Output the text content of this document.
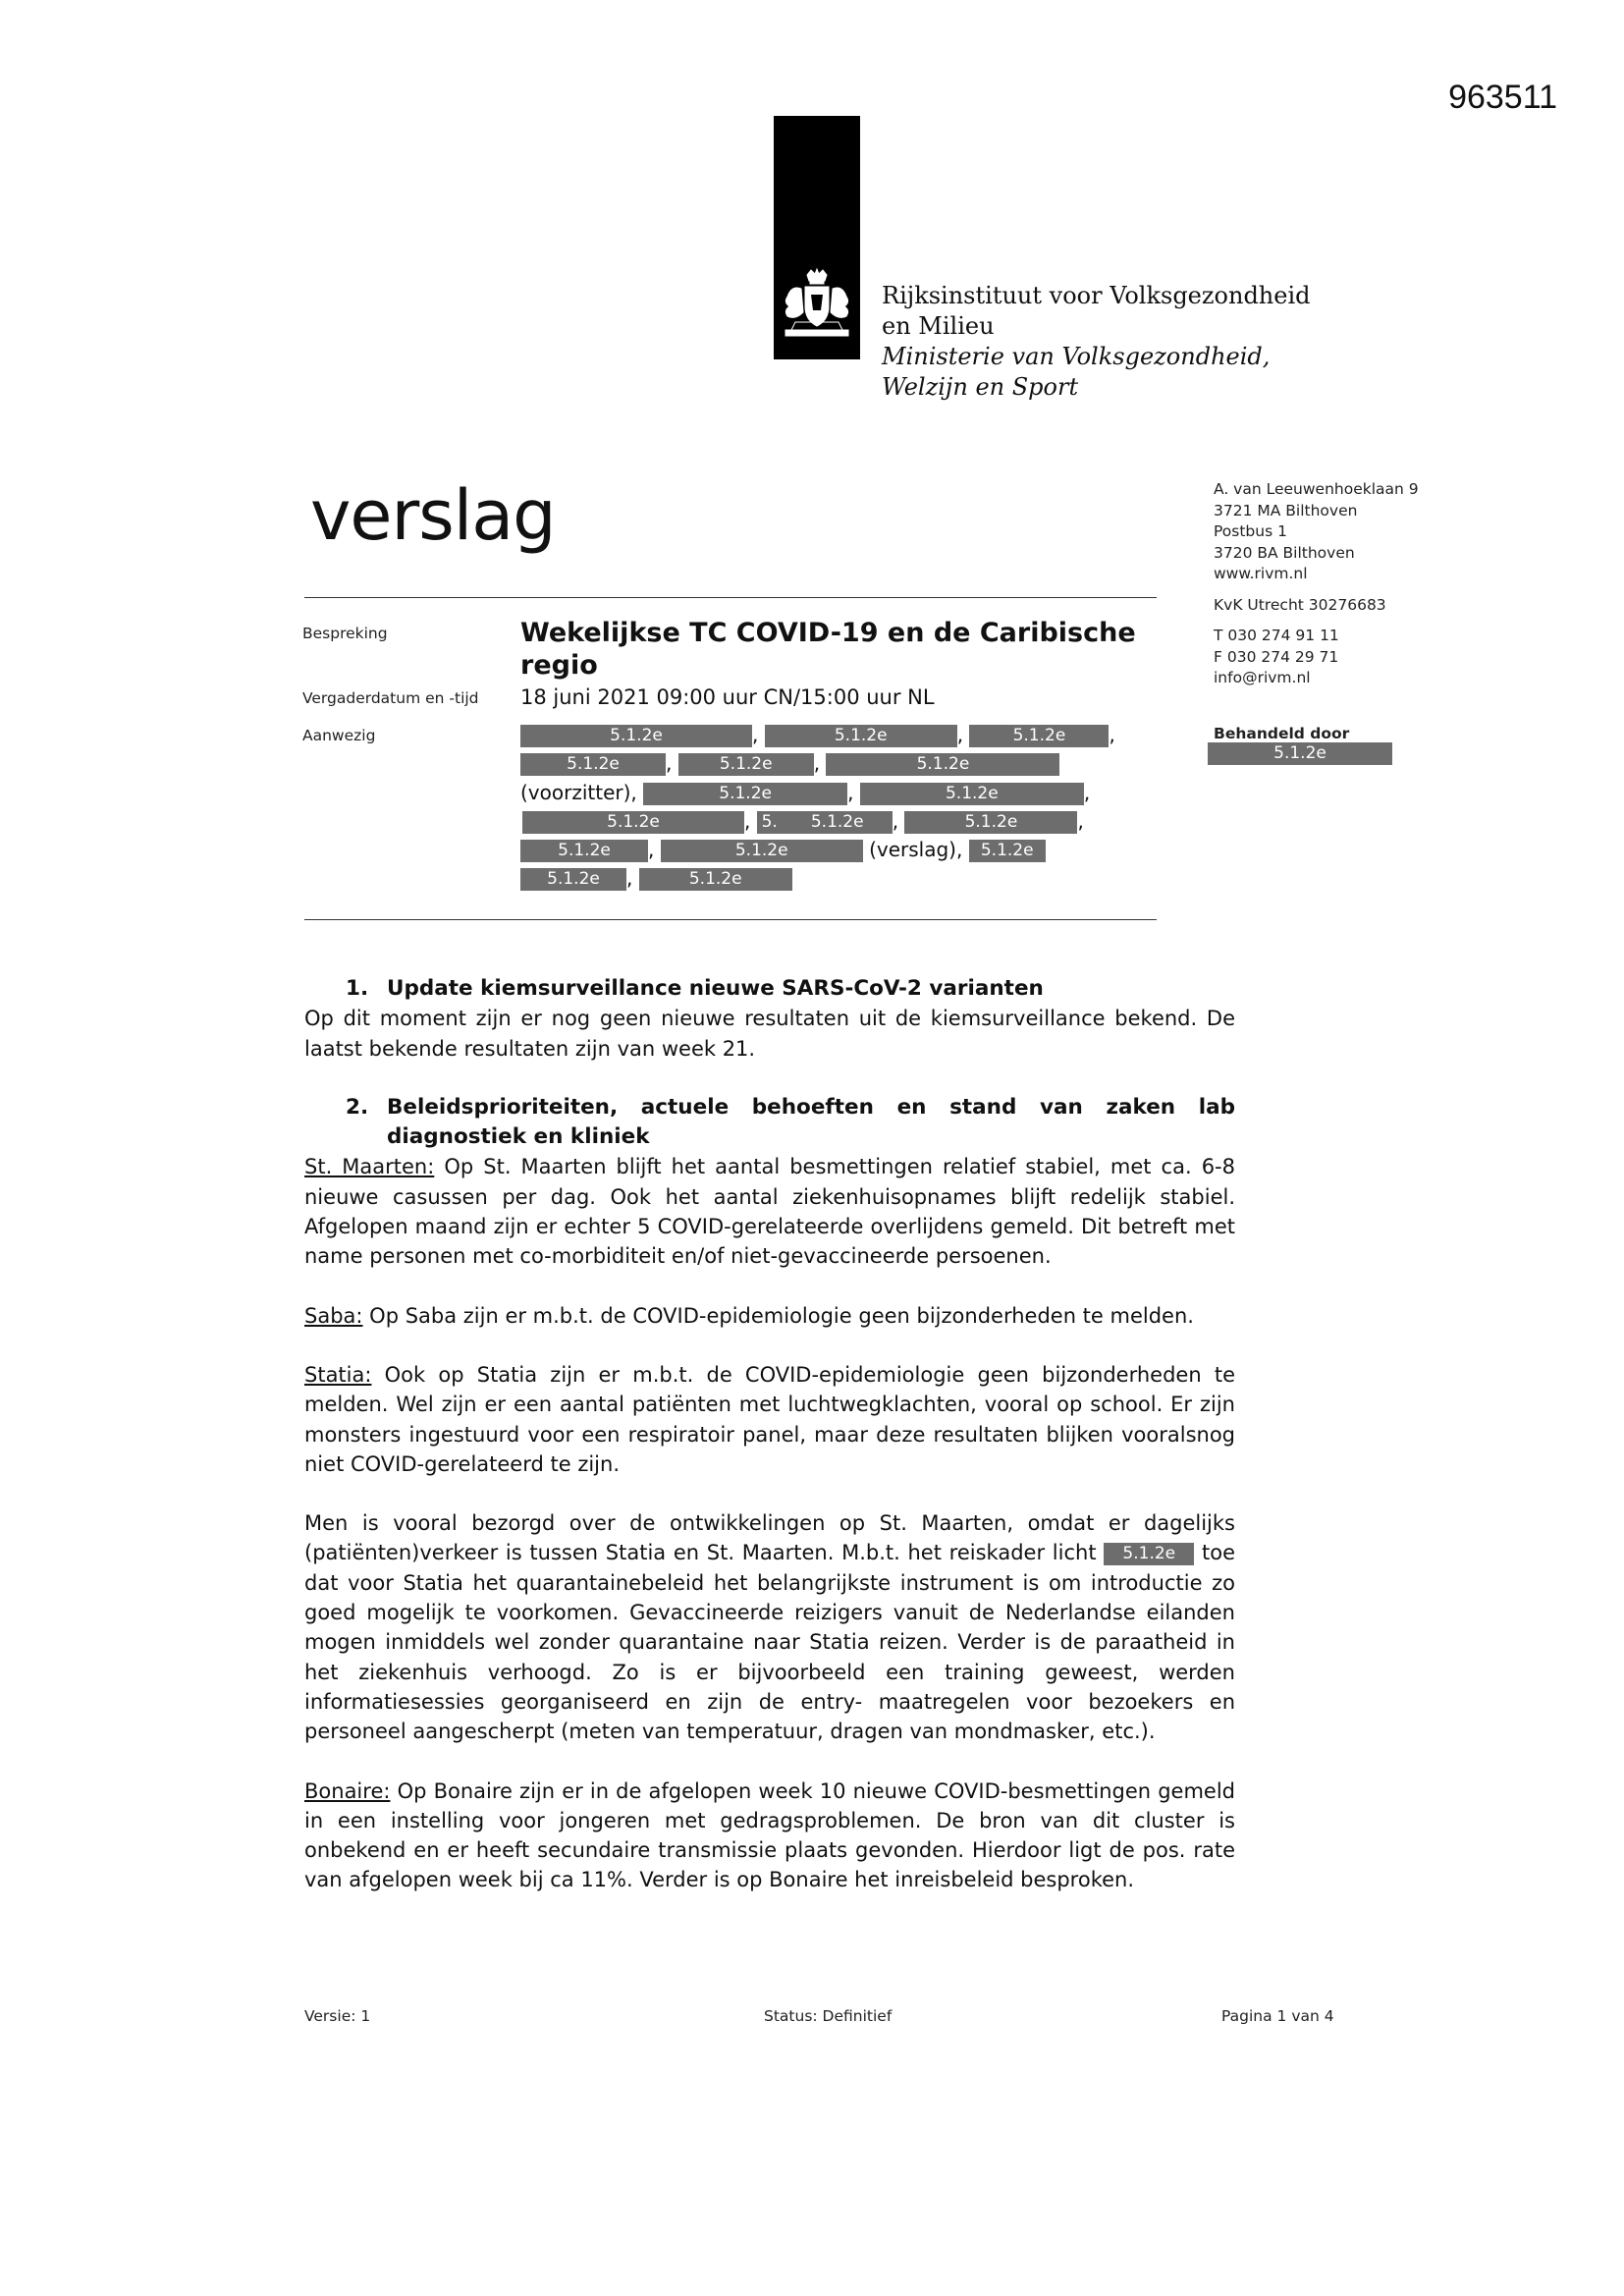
963511
Rijksinstituut voor Volksgezondheid
en Milieu
Ministerie van Volksgezondheid,
Welzijn en Sport
verslag	A. van Leeuwenhoeklaan 9
3721 MA Bilthoven
Postbus 1
3720 BA Bilthoven
www.rivm.nl
KvK Utrecht 30276683
T 030 274 91 11
F 030 274 29 71
info@rivm.nl
Behandeld door
5.1.2e
Bespreking	Wekelijkse TC COVID-19 en de Caribische regio
Vergaderdatum en -tijd 18 juni 2021 09:00 uur CN/15:00 uur NL
Aanwezig	5.1.2e	,	5.1.2e	,	5.1.2e ,
5.1.2e ,	5.1.2e ,	5.1.2e
(voorzitter),	5.1.2e	,	5.1.2e	,
5.1.2e	, 5. 5.1.2e ,	5.1.2e	,
5.1.2e ,	5.1.2e	(verslag), 5.1.2e
5.1.2e ,	5.1.2e

1. Update kiemsurveillance nieuwe SARS-CoV-2 varianten

Op dit moment zijn er nog geen nieuwe resultaten uit de kiemsurveillance bekend. De laatst bekende resultaten zijn van week 21.

2. Beleidsprioriteiten, actuele behoeften en stand van zaken lab diagnostiek en kliniek

St. Maarten: Op St. Maarten blijft het aantal besmettingen relatief stabiel, met ca. 6-8 nieuwe casussen per dag. Ook het aantal ziekenhuisopnames blijft redelijk stabiel. Afgelopen maand zijn er echter 5 COVID-gerelateerde overlijdens gemeld. Dit betreft met name personen met co-morbiditeit en/of niet-gevaccineerde persoenen.

Saba: Op Saba zijn er m.b.t. de COVID-epidemiologie geen bijzonderheden te melden.

Statia: Ook op Statia zijn er m.b.t. de COVID-epidemiologie geen bijzonderheden te melden. Wel zijn er een aantal patiënten met luchtwegklachten, vooral op school. Er zijn monsters ingestuurd voor een respiratoir panel, maar deze resultaten blijken vooralsnog niet COVID-gerelateerd te zijn.

Men is vooral bezorgd over de ontwikkelingen op St. Maarten, omdat er dagelijks (patiënten)verkeer is tussen Statia en St. Maarten. M.b.t. het reiskader licht 5.1.2e toe dat voor Statia het quarantainebeleid het belangrijkste instrument is om introductie zo goed mogelijk te voorkomen. Gevaccineerde reizigers vanuit de Nederlandse eilanden mogen inmiddels wel zonder quarantaine naar Statia reizen. Verder is de paraatheid in het ziekenhuis verhoogd. Zo is er bijvoorbeeld een training geweest, werden informatiesessies georganiseerd en zijn de entry- maatregelen voor bezoekers en personeel aangescherpt (meten van temperatuur, dragen van mondmasker, etc.).

Bonaire: Op Bonaire zijn er in de afgelopen week 10 nieuwe COVID-besmettingen gemeld in een instelling voor jongeren met gedragsproblemen. De bron van dit cluster is onbekend en er heeft secundaire transmissie plaats gevonden. Hierdoor ligt de pos. rate van afgelopen week bij ca 11%. Verder is op Bonaire het inreisbeleid besproken.

Versie: 1	Status: Definitief	Pagina 1 van 4
